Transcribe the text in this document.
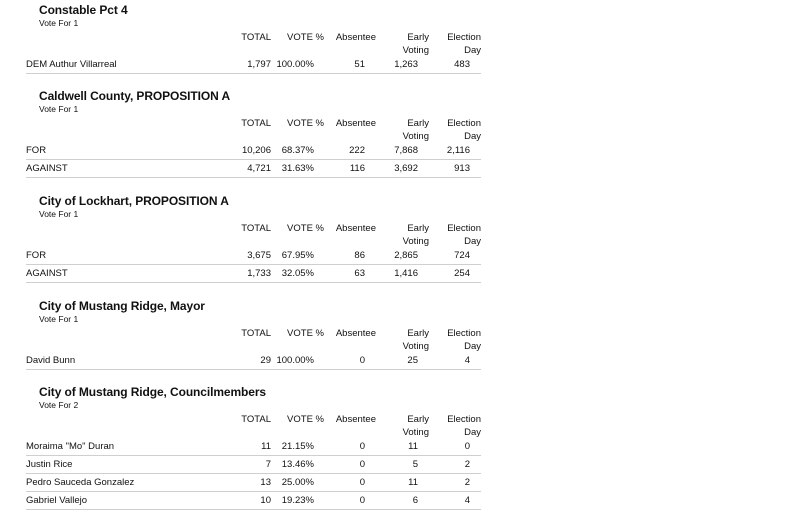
Constable Pct 4
Vote For 1
TOTAL VOTE % Absentee	Early
Voting
Election
Day
DEM Authur Villarreal	1,797 100.00%	51	1,263	483
Caldwell County, PROPOSITION A
Vote For 1
TOTAL VOTE % Absentee	Early
Voting
Election
Day
FOR	10,206 68.37%	222	7,868	2,116
AGAINST	4,721 31.63%	116	3,692	913
City of Lockhart, PROPOSITION A
Vote For 1
TOTAL VOTE % Absentee	Early
Voting
Election
Day
FOR	3,675 67.95%	86	2,865	724
AGAINST	1,733 32.05%	63	1,416	254
City of Mustang Ridge, Mayor
Vote For 1
TOTAL VOTE % Absentee	Early
Voting
Election
Day
David Bunn	29 100.00%	0	25	4
City of Mustang Ridge, Councilmembers
Vote For 2
TOTAL VOTE % Absentee	Early
Voting
Election
Day
Moraima "Mo" Duran	11 21.15%	0	11	0
Justin Rice	7 13.46%	0	5	2
Pedro Sauceda Gonzalez	13 25.00%	0	11	2
Gabriel Vallejo	10 19.23%	0	6	4
